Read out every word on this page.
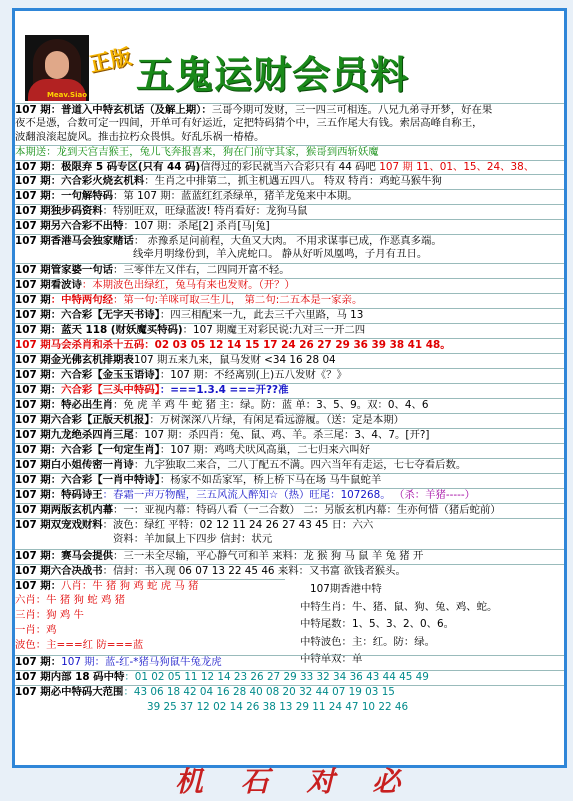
Meav.Siao
正版 五鬼运财会员料
107 期：普道入中特玄机话（及解上期）：三哥今期可发财，三一四三可相连。八兄九弟寻开梦，好在果
夜不是憑，合数可定一四间，开单可有好运近，定把特码猜个中，三五作尾大有钱。索居高峰自称王，
波翻浪滚起旋风。推击拉朽众畏惧。好乱乐祸一椿椿。
本期送：龙到天宫吉猴王，兔儿飞奔报喜来，狗在门前守其家，猴哥到西斩妖魔
107 期：极限弃 5 码专区(只有 44 码)信得过的彩民就当六合彩只有 44 码吧 107 期 11、01、15、24、38、
107 期：六合彩火烧玄机料：生肖之中排第二，抓主机遇五四八。 特双 特肖：鸡蛇马猴牛狗
107 期：一句解特码：第 107 期：蓝蓝红红杀绿单，猪羊龙兔来中本期。
107 期独步码资料：特别旺双，旺绿蓝波! 特肖看好：龙狗马鼠
107 期另六合彩不出特：107 期：杀尾[2] 杀肖[马|兔]
107 期香港马会独家赌话： 赤豫系足问前程，大鱼又大肉。 不用求谋事已成，作恶真多端。
线牵月明缘份到，羊入虎蛇口。 静从好听凤凰鸣，子月有丑日。
107 期管家婆一句话：三零伴左又伴右，二四同开富不轻。
107 期看波诗：本期波色出绿红，兔马有来也发财。（开？）
107 期：中特两句经：第一句:羊咪可取三生儿， 第二句:二五本是一家亲。
107 期：六合彩【无字天书诗】：四三相配来一九，此去三千六里路，马 13
107 期：蓝天 118 (财妖魔买特码)：107 期魔王对彩民说:九对三一开二四
107 期马会杀肖和杀十五码：02 03 05 12 14 15 17 24 26 27 29 36 39 38 41 48。
107 期金光佛玄机排期表107 期五来九来，鼠马发财 <34 16 28 04
107 期：六合彩【金玉玉语诗】：107 期：不经离别(上)五八发财《？》
107 期：六合彩【三头中特码】：===1.3.4 ===开??准
107 期：特必出生肖：免 虎 羊 鸡 牛 蛇 猪 主：绿。防：蓝 单：3、5、9。双：0、4、6
107 期六合彩【正版天机报】：万树深深八片绿，有闲足看远游履。（送：定是本期）
107 期九龙绝杀四肖三尾：107 期：杀四肖：兔、鼠、鸡、羊。杀三尾：3、4、7。[开?]
107 期：六合彩【一句定生肖】：107 期：鸡鸣犬吠风高巢，二七归来六叫好
107 期白小姐传密一肖诗：九字独取二来合，二八丁配五不满。四六当年有走运，七七夺看后数。
107 期：六合彩【一肖中特诗】：杨家不如岳家军，桥上桥下马在场 马牛鼠蛇羊
107 期：特码诗王：春霜一声万物醒，三五风流人醉知☆（热）旺尾：107268。 （杀：羊猪-----）
107 期两版玄机内幕：一：亚视内幕：特码八看（一二合数） 二：另版玄机内幕：生亦何惜（猪后蛇前）
107 期双宠戏财料：波色：绿红 平特：02 12 11 24 26 27 43 45 日：六六
资料：羊加鼠上下四步 信封：状元
107 期：赛马会提供：三一未全尽输，平心静气可和羊 来料：龙 猴 狗 马 鼠 羊 兔 猪 开
107 期六合决战书：信封：书入现 06 07 13 22 45 46 来料：又书富 欲钱者猴头。
107 期：八肖：牛 猪 狗 鸡 蛇 虎 马 猪
六肖：牛 猪 狗 蛇 鸡 猪
三肖：狗 鸡 牛
一肖：鸡
波色：主===红 防===蓝
107期香港中特
中特生肖：牛、猪、鼠、狗、兔、鸡、蛇。
中特尾数：1、5、3、2、0、6。
中特波色：主：红。防：绿。
中特单双：单
107 期：107 期：蓝-红-*猪马狗鼠牛兔龙虎
107 期内部 18 码中特：01 02 05 11 12 14 23 26 27 29 33 32 34 36 43 44 45 49
107 期必中特码大范围：43 06 18 42 04 16 28 40 08 20 32 44 07 19 03 15
39 25 37 12 02 14 26 38 13 29 11 24 47 10 22 46
机 石 对 必
